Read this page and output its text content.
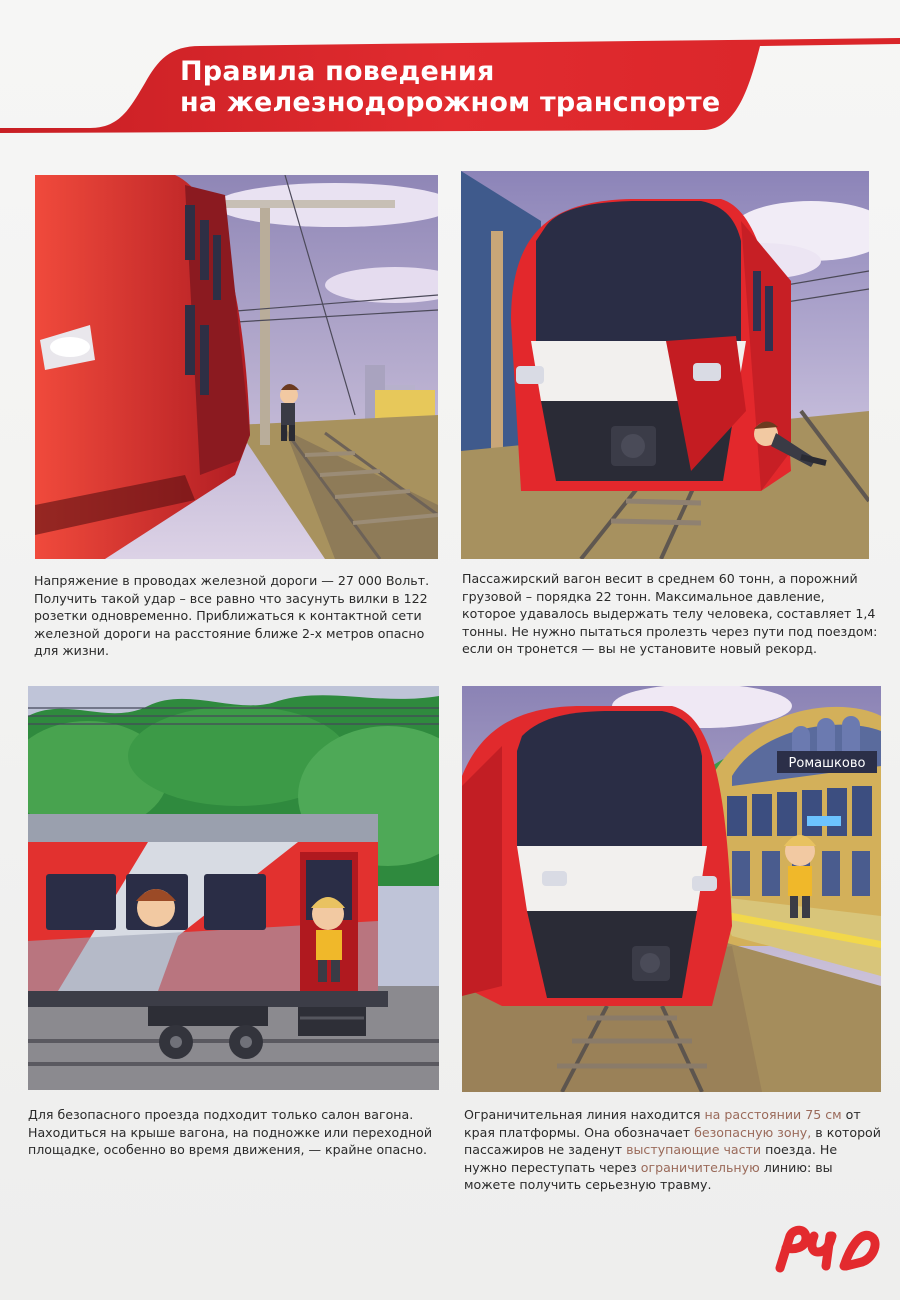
Правила поведения
на железнодорожном транспорте
Ромашково

Напряжение в проводах железной дороги — 27 000 Вольт. Получить такой удар – все равно что засунуть вилки в 122 розетки одновременно. Приближаться к контактной сети железной дороги на расстояние ближе 2-х метров опасно для жизни.

Пассажирский вагон весит в среднем 60 тонн, а порожний грузовой – порядка 22 тонн. Максимальное давление, которое удавалось выдержать телу человека, составляет 1,4 тонны. Не нужно пытаться пролезть через пути под поездом: если он тронется — вы не установите новый рекорд.

Для безопасного проезда подходит только салон вагона. Находиться на крыше вагона, на подножке или переходной площадке, особенно во время движения, — крайне опасно.

Ограничительная линия находится на расстоянии 75 см от края платформы. Она обозначает безопасную зону, в которой пассажиров не заденут выступающие части поезда. Не нужно переступать через ограничительную линию: вы можете получить серьезную травму.
